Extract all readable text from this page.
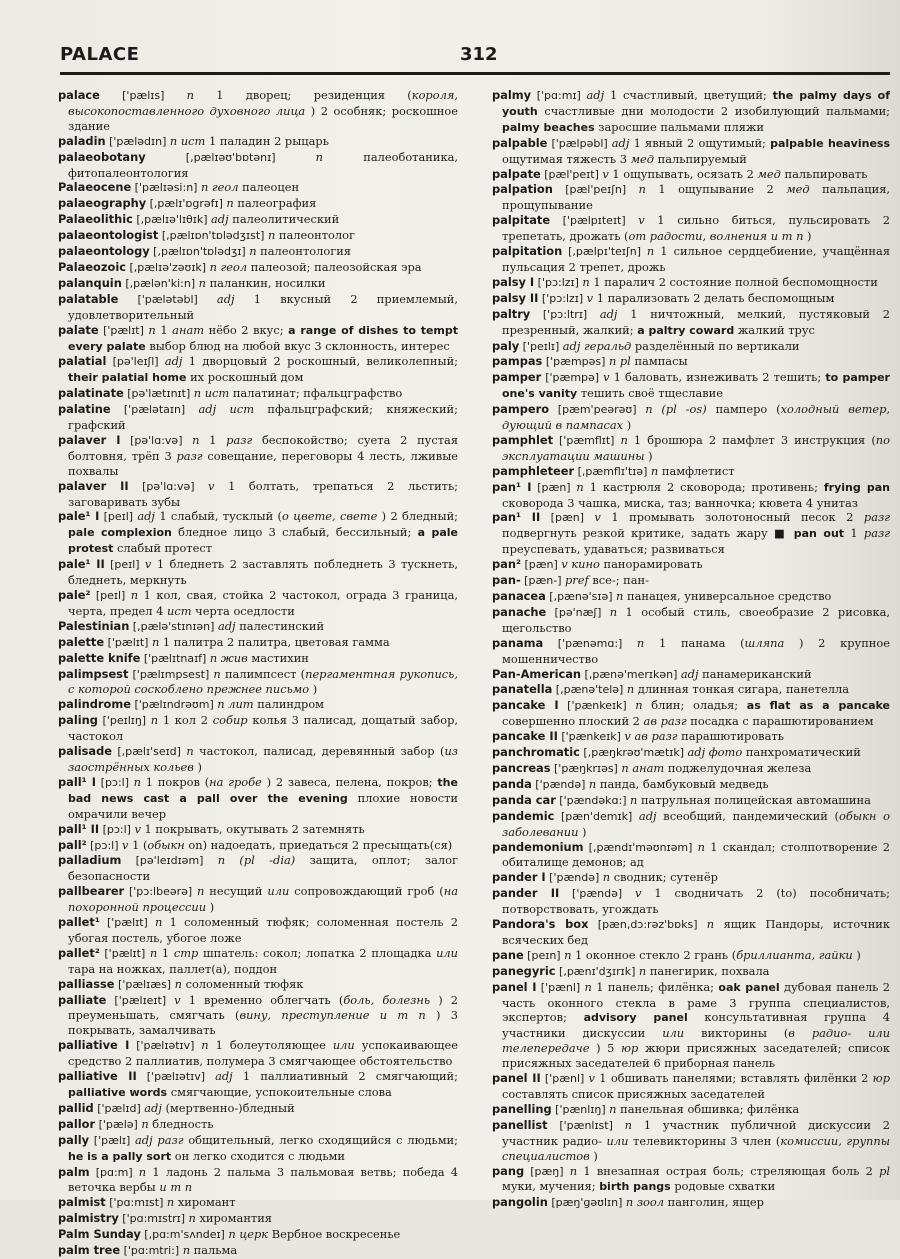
PALACE	312

palace ['pælɪs] n 1 дворец; резиденция (короля, высокопоставленного духовного лица ) 2 особняк; роскошное здание

paladin ['pælədɪn] n ист 1 паладин 2 рыцарь

palaeobotany [,pælɪəʊ'bɒtənɪ] n	палеоботаника, фитопалеонтология

Palaeocene ['pælɪəsi:n] n геол палеоцен

palaeography [,pælɪ'ɒgrəfɪ] n палеография

Palaeolithic [,pælɪə'lɪθɪk] adj палеолитический

palaeontologist [,pælɪɒn'tɒlədʒɪst] n палеонтолог

palaeontology [,pælɪɒn'tɒlədʒɪ] n палеонтология

Palaeozoic [,pælɪə'zəʊɪk] n геол палеозой; палеозойская эра

palanquin [,pælən'ki:n] n паланкин, носилки

palatable ['pælətəbl] adj 1 вкусный 2 приемлемый, удовлетворительный

palate ['pælɪt] n 1 анат нёбо 2 вкус; a range of dishes to tempt every palate выбор блюд на любой вкус 3 склонность, интерес

palatial [pə'leɪʃl] adj 1 дворцовый 2 роскошный, великолепный; their palatial home их роскошный дом

palatinate [pə'lætɪnɪt] n ист палатинат; пфальцграфство

palatine ['pælətaɪn] adj ист пфальцграфский; княжеский; графский

palaver I [pə'lɑ:və] n 1 разг беспокойство; суета 2 пустая болтовня, трёп 3 разг совещание, переговоры 4 лесть, лживые похвалы

palaver II [pə'lɑ:və] v 1 болтать, трепаться 2 льстить; заговаривать зубы

pale¹ I [peɪl] adj 1 слабый, тусклый (о цвете, свете ) 2 бледный; pale complexion бледное лицо 3 слабый, бессильный; a pale protest слабый протест

pale¹ II [peɪl] v 1 бледнеть 2 заставлять побледнеть 3 тускнеть, бледнеть, меркнуть

pale² [peɪl] n 1 кол, свая, стойка 2 частокол, ограда 3 граница, черта, предел 4 ист черта оседлости

Palestinian [,pælə'stɪnɪən] adj палестинский

palette ['pælɪt] n 1 палитра 2 палитра, цветовая гамма

palette knife ['pælɪtnaɪf] n жив мастихин

palimpsest ['pælɪmpsest] n палимпсест (пергаментная рукопись, с которой соскоблено прежнее письмо )

palindrome ['pælɪndrəʊm] n лит палиндром

paling ['peɪlɪŋ] n 1 кол 2 собир колья 3 палисад, дощатый забор, частокол

palisade [,pælɪ'seɪd] n частокол, палисад, деревянный забор (из заострённых кольев )

pall¹ I [pɔ:l] n 1 покров (на гробе ) 2 завеса, пелена, покров; the bad news cast a pall over the evening плохие новости омрачили вечер

pall¹ II [pɔ:l] v 1 покрывать, окутывать 2 затемнять

pall² [pɔ:l] v 1 (обыкн on) надоедать, приедаться 2 пресыщать(ся)

palladium [pə'leɪdɪəm] n (pl -dia) защита, оплот; залог безопасности

pallbearer ['pɔ:lbeərə] n несущий или сопровождающий гроб (на похоронной процессии )

pallet¹ ['pælɪt] n 1 соломенный тюфяк; соломенная постель 2 убогая постель, убогое ложе

pallet² ['pælɪt] n 1 стр шпатель: сокол; лопатка 2 площадка или тара на ножках, паллет(а), поддон

palliasse ['pælɪæs] n соломенный тюфяк

palliate ['pælɪeɪt] v 1 временно облегчать (боль, болезнь ) 2 преуменьшать, смягчать (вину, преступление и т п ) 3 покрывать, замалчивать

palliative I ['pælɪətɪv] n 1 болеутоляющее или успокаивающее средство 2 паллиатив, полумера 3 смягчающее обстоятельство

palliative II ['pælɪətɪv] adj 1 паллиативный 2 смягчающий; palliative words смягчающие, успокоительные слова

pallid ['pælɪd] adj (мертвенно-)бледный

pallor ['pælə] n бледность

pally ['pælɪ] adj разг общительный, легко сходящийся с людьми; he is a pally sort он легко сходится с людьми

palm [pɑ:m] n 1 ладонь 2 пальма 3 пальмовая ветвь; победа 4 веточка вербы и т п

palmist ['pɑ:mɪst] n хиромант

palmistry ['pɑ:mɪstrɪ] n хиромантия

Palm Sunday [,pɑ:m'sʌndeɪ] n церк Вербное воскресенье

palm tree ['pɑ:mtri:] n пальма

palmy ['pɑ:mɪ] adj 1 счастливый, цветущий; the palmy days of youth счастливые дни молодости 2 изобилующий пальмами; palmy beaches заросшие пальмами пляжи

palpable ['pælpəbl] adj 1 явный 2 ощутимый; palpable heaviness ощутимая тяжесть 3 мед пальпируемый

palpate [pæl'peɪt] v 1 ощупывать, осязать 2 мед пальпировать

palpation [pæl'peɪʃn] n 1 ощупывание 2 мед пальпация, прощупывание

palpitate ['pælpɪteɪt] v 1 сильно биться, пульсировать 2 трепетать, дрожать (от радости, волнения и т п )

palpitation [,pælpɪ'teɪʃn] n 1 сильное сердцебиение, учащённая пульсация 2 трепет, дрожь

palsy I ['pɔ:lzɪ] n 1 паралич 2 состояние полной беспомощности

palsy II ['pɔ:lzɪ] v 1 парализовать 2 делать беспомощным

paltry ['pɔ:ltrɪ] adj 1 ничтожный, мелкий, пустяковый 2 презренный, жалкий; a paltry coward жалкий трус

paly ['peɪlɪ] adj геральд разделённый по вертикали

pampas ['pæmpəs] n pl пампасы

pamper ['pæmpə] v 1 баловать, изнеживать 2 тешить; to pamper one's vanity тешить своё тщеславие

pampero [pæm'peərəʊ] n (pl -os) памперо (холодный ветер, дующий в пампасах )

pamphlet ['pæmflɪt] n 1 брошюра 2 памфлет 3 инструкция (по эксплуатации машины )

pamphleteer [,pæmflɪ'tɪə] n памфлетист

pan¹ I [pæn] n 1 кастрюля 2 сковорода; противень; frying pan сковорода 3 чашка, миска, таз; ванночка; кювета 4 унитаз

pan¹ II [pæn] v 1 промывать золотоносный песок 2 разг подвергнуть резкой критике, задать жару ■ pan out 1 разг преуспевать, удаваться; развиваться

pan² [pæn] v кино панорамировать

pan- [pæn-] pref все-; пан-

panacea [,pænə'sɪə] n панацея, универсальное средство

panache [pə'næʃ] n 1 особый стиль, своеобразие 2 рисовка, щегольство

panama ['pænəmɑ:] n 1 панама (шляпа ) 2 крупное мошенничество

Pan-American [,pænə'merɪkən] adj панамериканский

panatella [,pænə'telə] n длинная тонкая сигара, панетелла

pancake I ['pænkeɪk] n блин; оладья; as flat as a pancake совершенно плоский 2 ав разг посадка с парашютированием

pancake II ['pænkeɪk] v ав разг парашютировать

panchromatic [,pæŋkrəʊ'mætɪk] adj фото панхроматический

pancreas ['pæŋkrɪəs] n анат поджелудочная железа

panda ['pændə] n панда, бамбуковый медведь

panda car ['pændəkɑ:] n патрульная полицейская автомашина

pandemic [pæn'demɪk] adj всеобщий, пандемический (обыкн о заболевании )

pandemonium [,pændɪ'məʊnɪəm] n 1 скандал; столпотворение 2 обиталище демонов; ад

pander I ['pændə] n сводник; сутенёр

pander II ['pændə] v 1 сводничать 2 (to) пособничать; потворствовать, угождать

Pandora's box [pæn,dɔ:rəz'bɒks] n ящик Пандоры, источник всяческих бед

pane [peɪn] n 1 оконное стекло 2 грань (бриллианта, гайки )

panegyric [,pænɪ'dʒɪrɪk] n панегирик, похвала

panel I ['pænl] n 1 панель; филёнка; oak panel дубовая панель 2 часть оконного стекла в раме 3 группа специалистов, экспертов; advisory panel консультативная группа 4 участники дискуссии или викторины (в радио- или телепередаче ) 5 юр жюри присяжных заседателей; список присяжных заседателей 6 приборная панель

panel II ['pænl] v 1 обшивать панелями; вставлять филёнки 2 юр составлять список присяжных заседателей

panelling ['pænlɪŋ] n панельная обшивка; филёнка

panellist ['pænlɪst] n 1 участник публичной дискуссии 2 участник радио- или телевикторины 3 член (комиссии, группы специалистов )

pang [pæŋ] n 1 внезапная острая боль; стреляющая боль 2 pl муки, мучения; birth pangs родовые схватки

pangolin [pæŋ'gəʊlɪn] n зоол панголин, ящер
